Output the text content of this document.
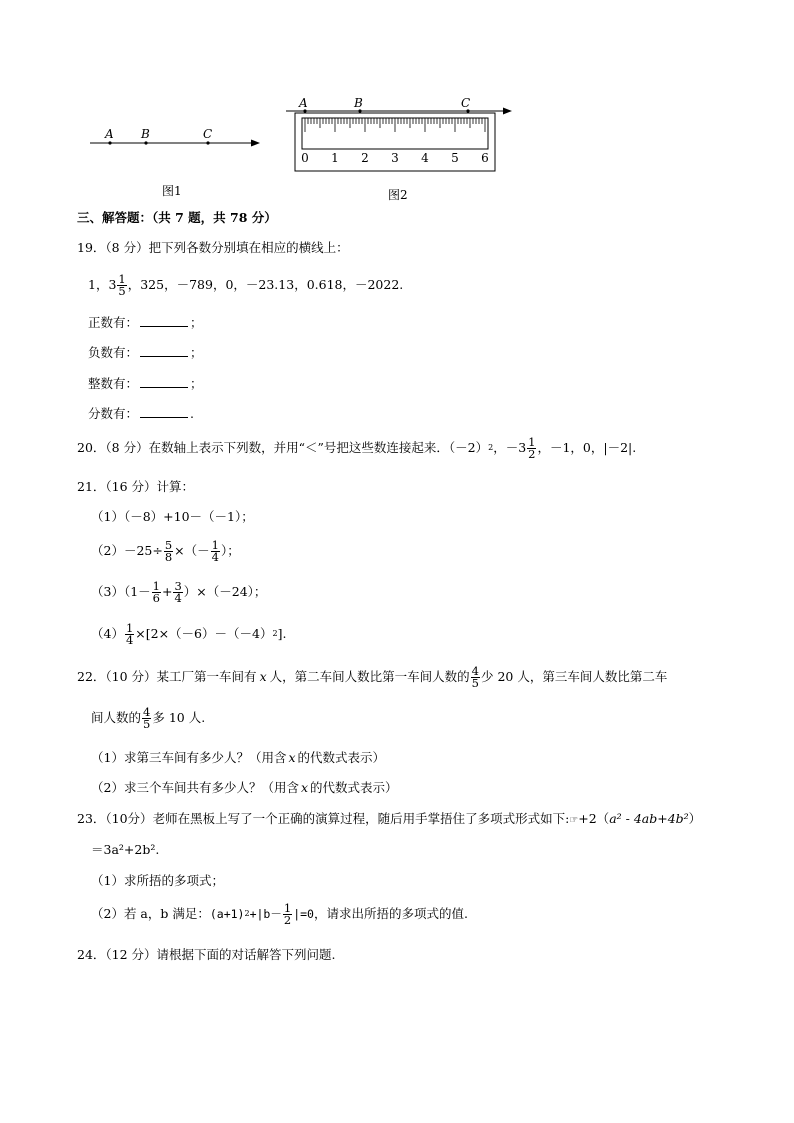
A B	C
图1
A	B	C
0 1 2 3 4 5 6
图2
三、解答题：（共 7 题，共 78 分）
19．（8 分）把下列各数分别填在相应的横线上：
1，$3 \frac{1}{5}$ ，325，－789，0，－23.13，0.618，－2022.
正数有：	；
负数有：	；
整数有：	；
分数有：	.
20．（8 分） 在数轴上表示下列数，并用“＜”号把这些数连接起来．（－2） 2 ，$-3 \frac{1}{2}$ ，－1，0，|－2|.
21．（16 分）计算：
（1）（－8）+10－（－1）；
$(2)-25\div \frac{5}{8}$ ×（－ $\frac{1}{4}$ ）；
$(3)(1- \frac{1}{6} + \frac{3}{4} )\times(-24)$；
$(4) \frac{1}{4} \times[2\times(-6)-(-4)$ 2 ].
22．（10 分） 某工厂第一车间有 x 人，第二车间人数比第一车间人数的 $\frac{4}{5}$ 少 20 人，第三车间人数比第二车
间人数的 $\frac{4}{5}$ 多 10 人.
（1）求第三车间有多少人？（用含 x 的代数式表示）
（2）求三个车间共有多少人？（用含 x 的代数式表示）
23．（10分）老师在黑板上写了一个正确的演算过程，随后用手掌捂住了多项式形式如下:☞+2（a² - 4ab+4b²）
＝3a²+2b².
（1）求所捂的多项式；
（2）若 a，b 满足： (a+1) $2 +|b- \frac{1}{2} |=0$ ，请求出所捂的多项式的值.
24．（12 分）请根据下面的对话解答下列问题.
